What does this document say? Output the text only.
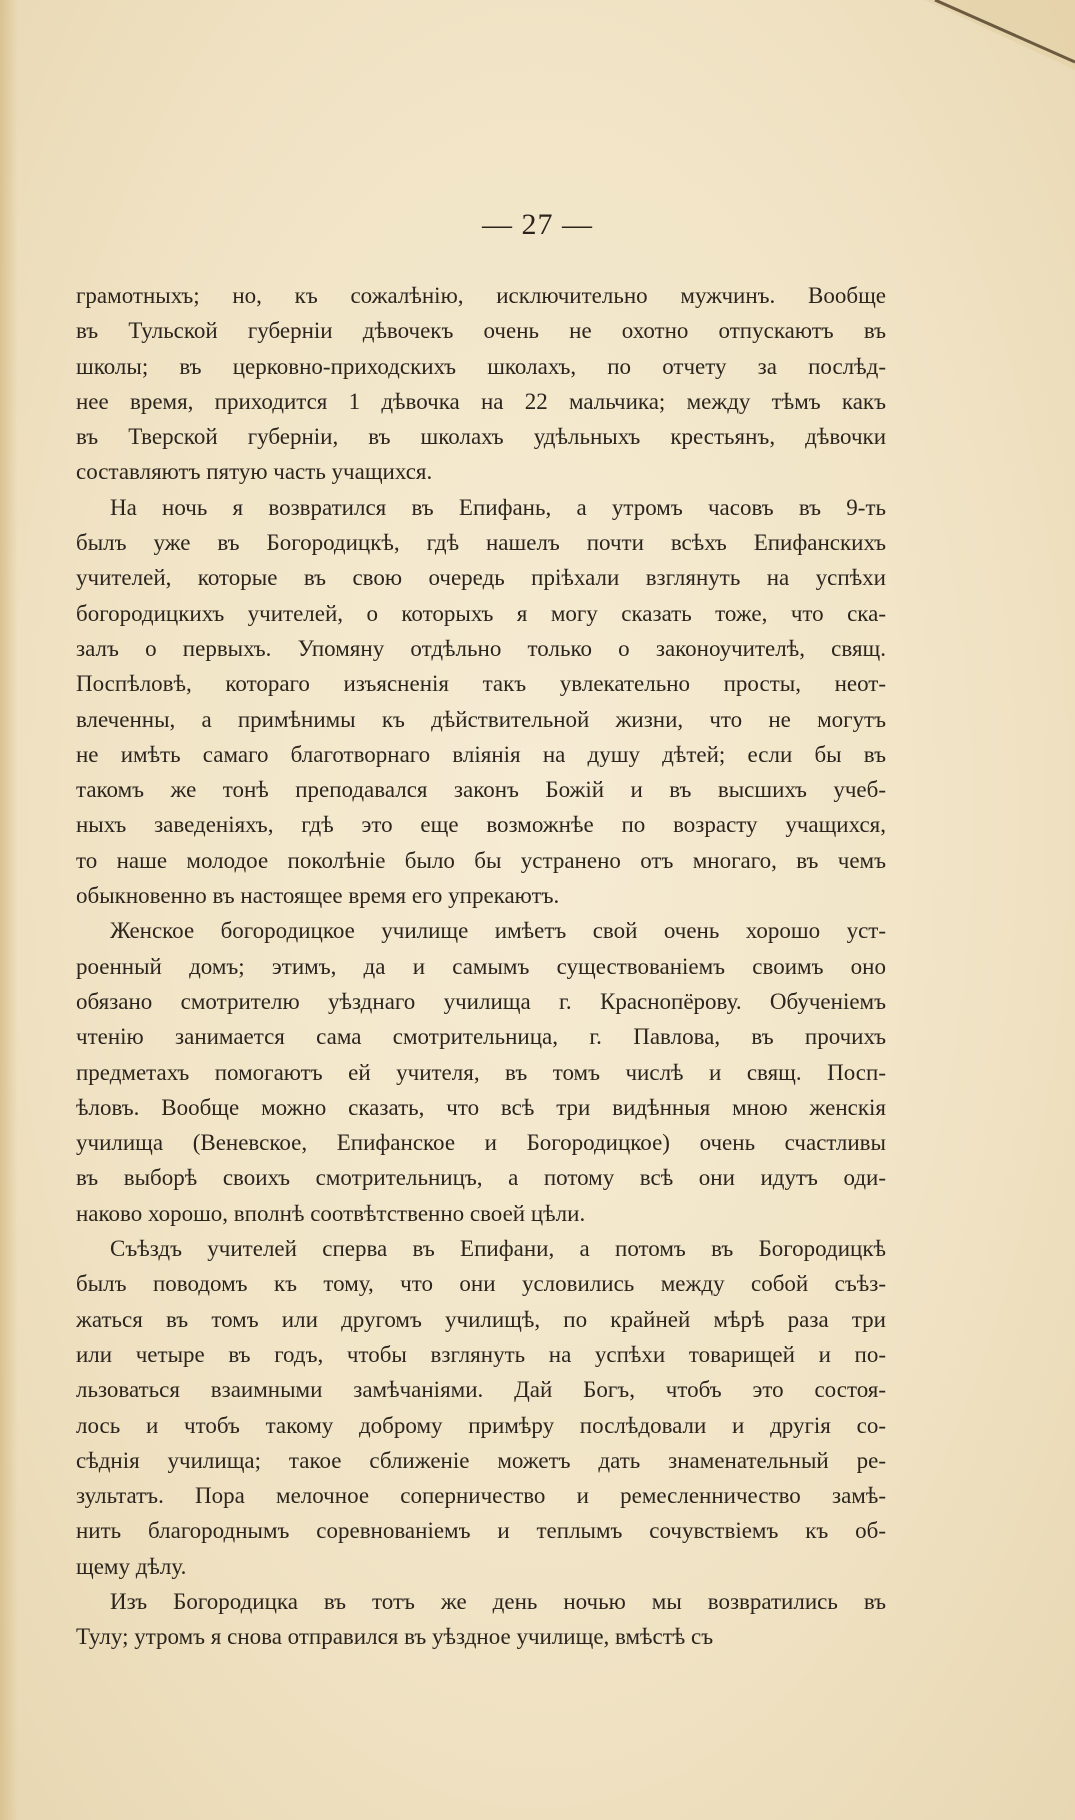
— 27 —
грамотныхъ; но, къ сожалѣнію, исключительно мужчинъ. Вообще
въ Тульской губерніи дѣвочекъ очень не охотно отпускаютъ въ
школы; въ церковно-приходскихъ школахъ, по отчету за послѣд-
нее время, приходится 1 дѣвочка на 22 мальчика; между тѣмъ какъ
въ Тверской губерніи, въ школахъ удѣльныхъ крестьянъ, дѣвочки
составляютъ пятую часть учащихся.
На ночь я возвратился въ Епифань, а утромъ часовъ въ 9-ть
былъ уже въ Богородицкѣ, гдѣ нашелъ почти всѣхъ Епифанскихъ
учителей, которые въ свою очередь пріѣхали взглянуть на успѣхи
богородицкихъ учителей, о которыхъ я могу сказать тоже, что ска-
залъ о первыхъ. Упомяну отдѣльно только о законоучителѣ, свящ.
Поспѣловѣ, котораго изъясненія такъ увлекательно просты, неот-
влеченны, а примѣнимы къ дѣйствительной жизни, что не могутъ
не имѣть самаго благотворнаго вліянія на душу дѣтей; если бы въ
такомъ же тонѣ преподавался законъ Божій и въ высшихъ учеб-
ныхъ заведеніяхъ, гдѣ это еще возможнѣе по возрасту учащихся,
то наше молодое поколѣніе было бы устранено отъ многаго, въ чемъ
обыкновенно въ настоящее время его упрекаютъ.
Женское богородицкое училище имѣетъ свой очень хорошо уст-
роенный домъ; этимъ, да и самымъ существованіемъ своимъ оно
обязано смотрителю уѣзднаго училища г. Краснопёрову. Обученіемъ
чтенію занимается сама смотрительница, г. Павлова, въ прочихъ
предметахъ помогаютъ ей учителя, въ томъ числѣ и свящ. Посп-
ѣловъ. Вообще можно сказать, что всѣ три видѣнныя мною женскія
училища (Веневское, Епифанское и Богородицкое) очень счастливы
въ выборѣ своихъ смотрительницъ, а потому всѣ они идутъ оди-
наково хорошо, вполнѣ соотвѣтственно своей цѣли.
Съѣздъ учителей сперва въ Епифани, а потомъ въ Богородицкѣ
былъ поводомъ къ тому, что они условились между собой съѣз-
жаться въ томъ или другомъ училищѣ, по крайней мѣрѣ раза три
или четыре въ годъ, чтобы взглянуть на успѣхи товарищей и по-
льзоваться взаимными замѣчаніями. Дай Богъ, чтобъ это состоя-
лось и чтобъ такому доброму примѣру послѣдовали и другія со-
сѣднія училища; такое сближеніе можетъ дать знаменательный ре-
зультатъ. Пора мелочное соперничество и ремесленничество замѣ-
нить благороднымъ соревнованіемъ и теплымъ сочувствіемъ къ об-
щему дѣлу.
Изъ Богородицка въ тотъ же день ночью мы возвратились въ
Тулу; утромъ я снова отправился въ уѣздное училище, вмѣстѣ съ
